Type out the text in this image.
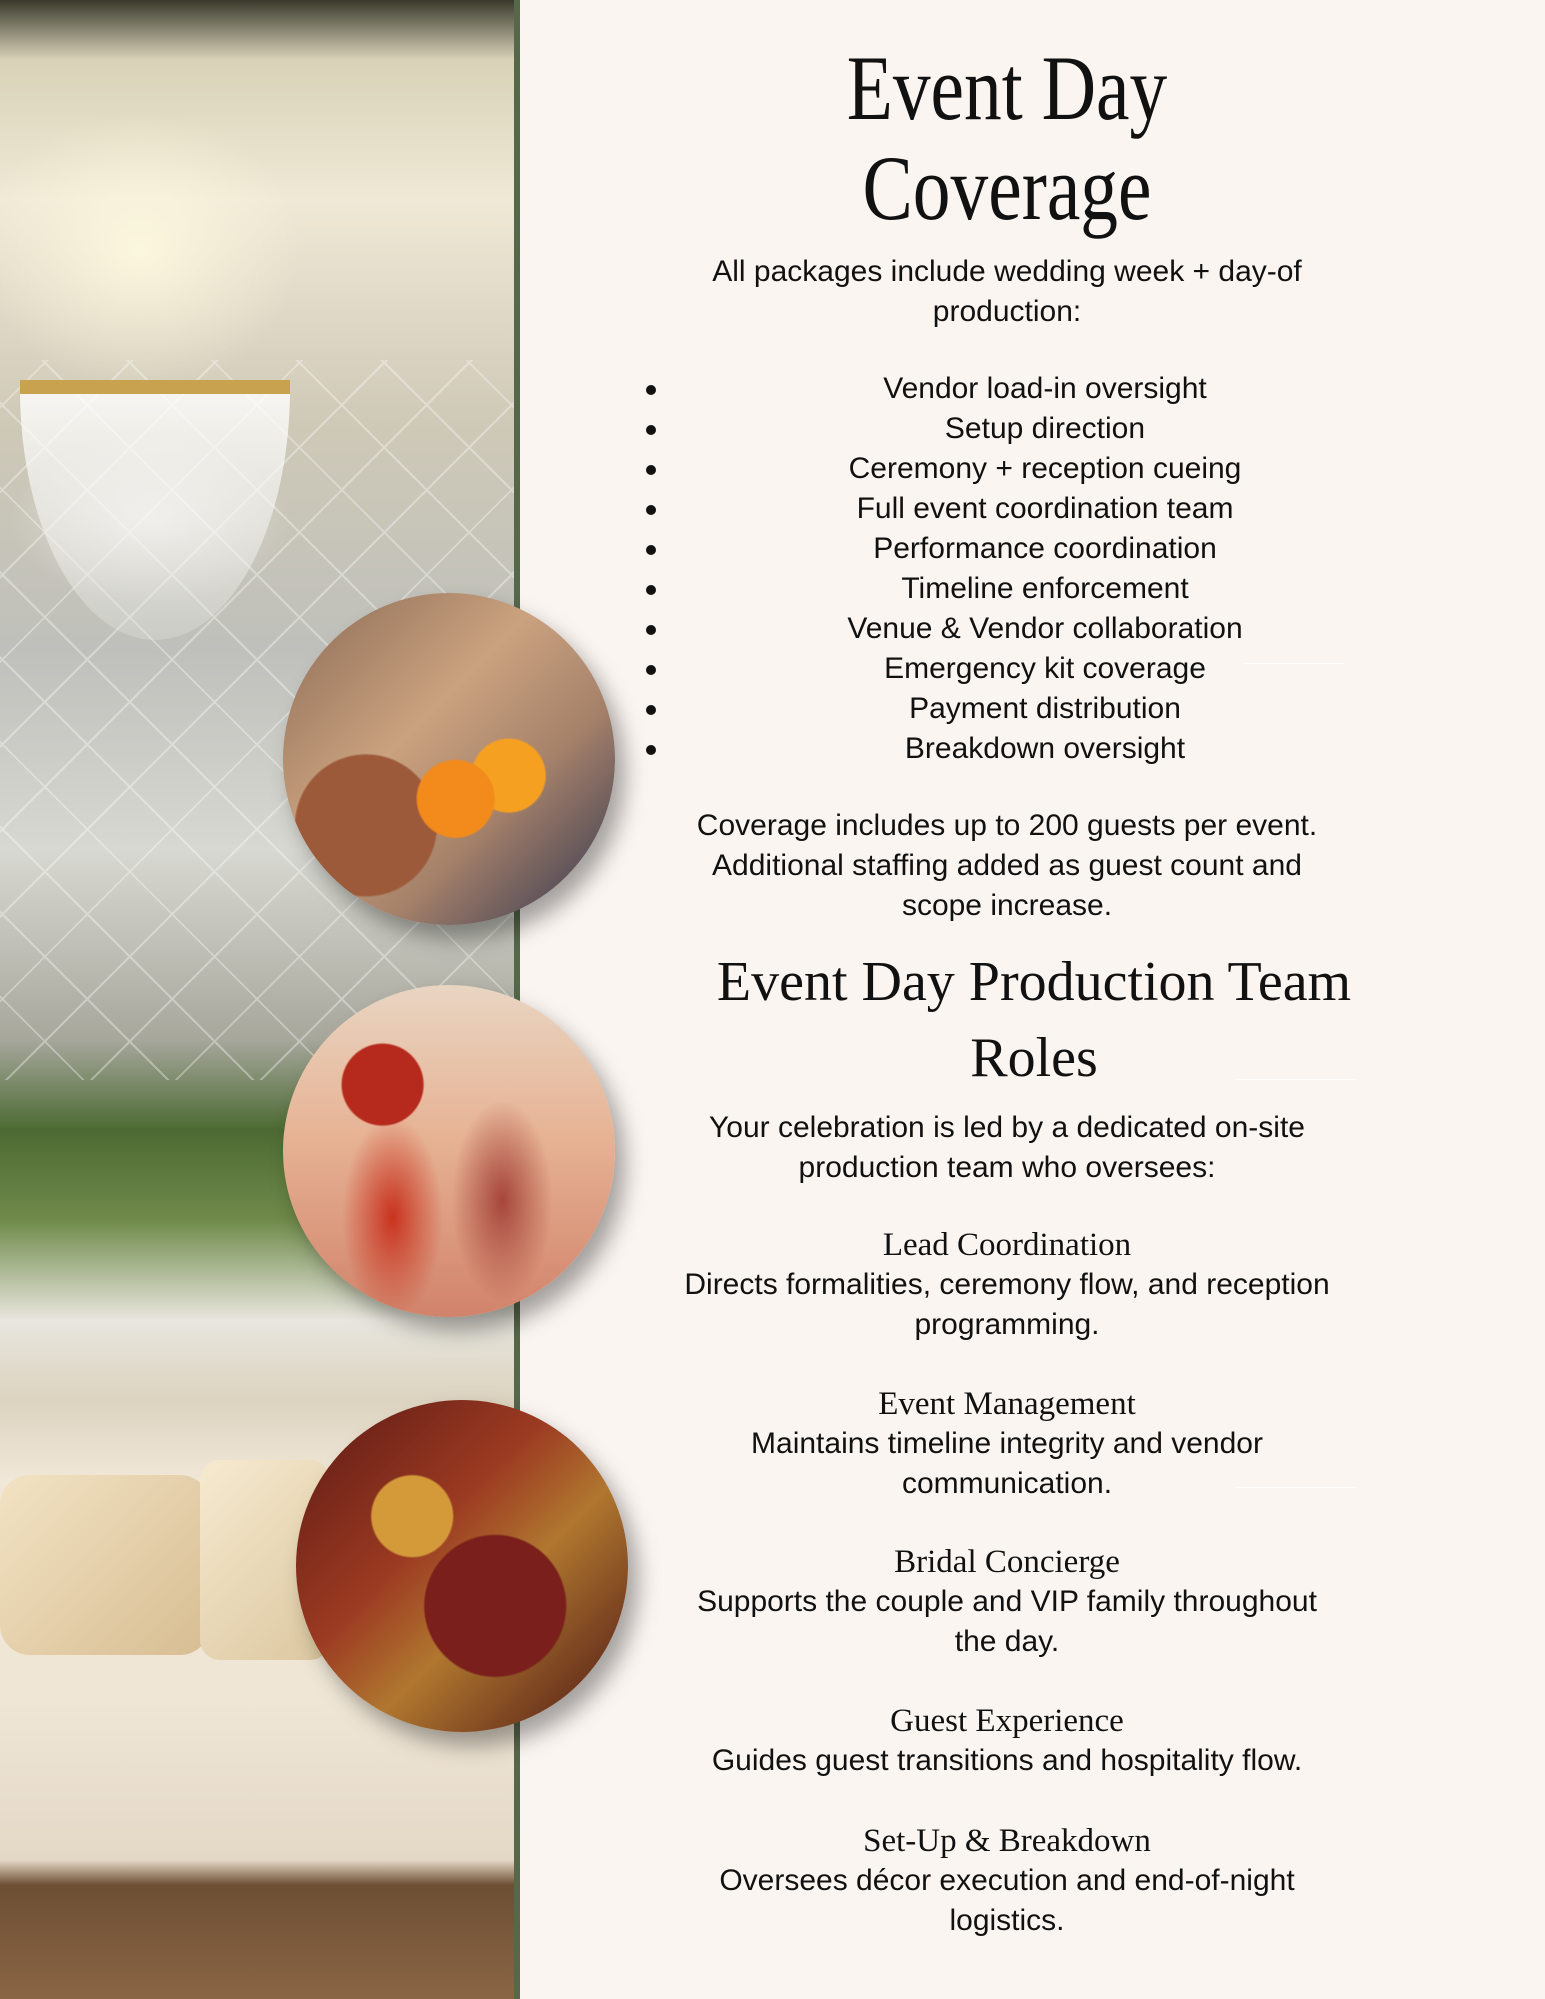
Event Day
Coverage
All packages include wedding week + day-of
production:
Vendor load-in oversight
Setup direction
Ceremony + reception cueing
Full event coordination team
Performance coordination
Timeline enforcement
Venue & Vendor collaboration
Emergency kit coverage
Payment distribution
Breakdown oversight
Coverage includes up to 200 guests per event.
Additional staffing added as guest count and
scope increase.
Event Day Production Team
Roles
Your celebration is led by a dedicated on-site
production team who oversees:
Lead Coordination
Directs formalities, ceremony flow, and reception
programming.
Event Management
Maintains timeline integrity and vendor
communication.
Bridal Concierge
Supports the couple and VIP family throughout
the day.
Guest Experience
Guides guest transitions and hospitality flow.
Set-Up & Breakdown
Oversees décor execution and end-of-night
logistics.
